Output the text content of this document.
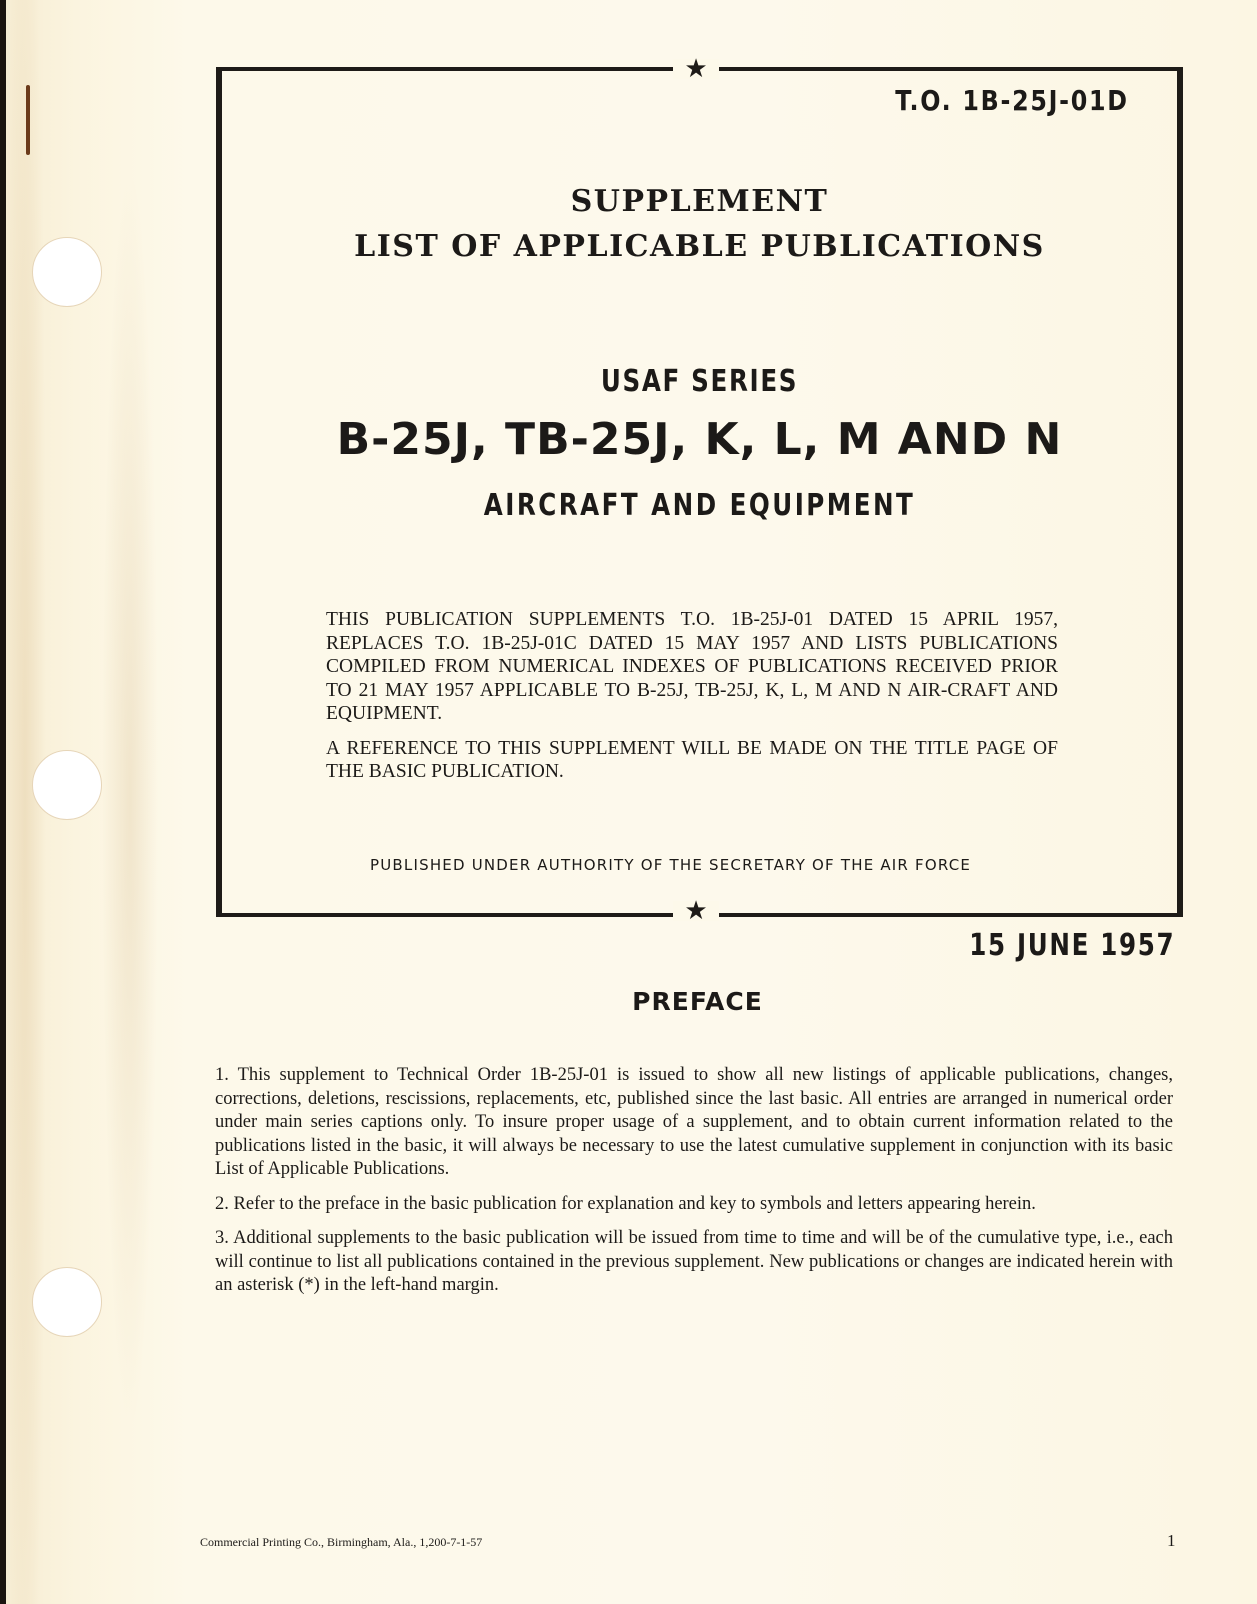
★
★
T.O. 1B-25J-01D
SUPPLEMENT
LIST OF APPLICABLE PUBLICATIONS
USAF SERIES
B-25J, TB-25J, K, L, M AND N
AIRCRAFT AND EQUIPMENT

THIS PUBLICATION SUPPLEMENTS T.O. 1B-25J-01 DATED 15 APRIL 1957, REPLACES T.O. 1B-25J-01C DATED 15 MAY 1957 AND LISTS PUBLICATIONS COMPILED FROM NUMERICAL INDEXES OF PUBLICATIONS RECEIVED PRIOR TO 21 MAY 1957 APPLICABLE TO B-25J, TB-25J, K, L, M AND N AIR-CRAFT AND EQUIPMENT.

A REFERENCE TO THIS SUPPLEMENT WILL BE MADE ON THE TITLE PAGE OF THE BASIC PUBLICATION.

PUBLISHED UNDER AUTHORITY OF THE SECRETARY OF THE AIR FORCE
15 JUNE 1957
PREFACE

1. This supplement to Technical Order 1B-25J-01 is issued to show all new listings of applicable publications, changes, corrections, deletions, rescissions, replacements, etc, published since the last basic. All entries are arranged in numerical order under main series captions only. To insure proper usage of a supplement, and to obtain current information related to the publications listed in the basic, it will always be necessary to use the latest cumulative supplement in conjunction with its basic List of Applicable Publications.

2. Refer to the preface in the basic publication for explanation and key to symbols and letters appearing herein.

3. Additional supplements to the basic publication will be issued from time to time and will be of the cumulative type, i.e., each will continue to list all publications contained in the previous supplement. New publications or changes are indicated herein with an asterisk (*) in the left-hand margin.

Commercial Printing Co., Birmingham, Ala., 1,200-7-1-57	1
